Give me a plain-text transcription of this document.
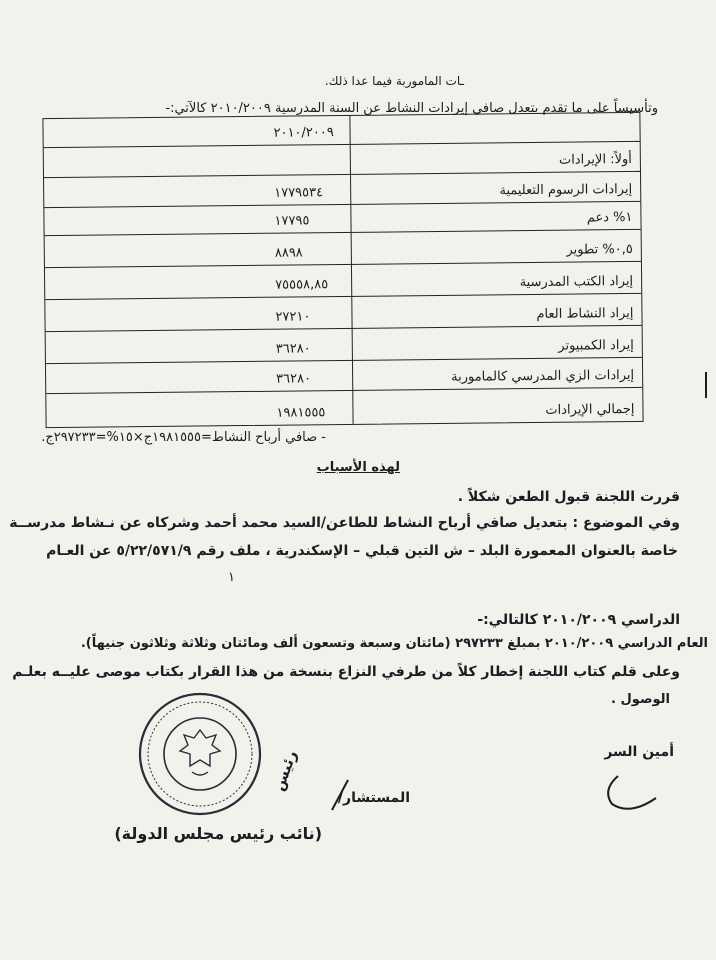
ـات الماموربة فيما عدا ذلك.
وتأسيساً على ما تقدم بتعدل صافي إيرادات النشاط عن السنة المدرسية ٢٠١٠/٢٠٠٩ كالآتي:-
٢٠١٠/٢٠٠٩
أولاً: الإيرادات
إيرادات الرسوم التعليمية
١٧٧٩٥٣٤
١% دعم
١٧٧٩٥
٠,٥% تطوير
٨٨٩٨
إيراد الكتب المدرسية
٧٥٥٥٨,٨٥
إيراد النشاط العام
٢٧٢١٠
إيراد الكمبيوتر
٣٦٢٨٠
إيرادات الزي المدرسي كالماموربة
٣٦٢٨٠
إجمالي الإيرادات
١٩٨١٥٥٥
- صافي أرباح النشاط=١٩٨١٥٥٥ج×١٥%=٢٩٧٢٣٣ج.
لهذه الأسباب
قررت اللجنة قبول الطعن شكلاً .
وفي الموضوع : بتعديل صافي أرباح النشاط للطاعن/السيد محمد أحمد وشركاه عن نـشاط مدرســة
خاصة بالعنوان المعمورة البلد – ش التين قبلي – الإسكندرية ، ملف رقم ٥/٢٢/٥٧١/٩ عن العـام
١
الدراسي ٢٠١٠/٢٠٠٩ كالتالي:-
العام الدراسي ٢٠١٠/٢٠٠٩ بمبلغ ٢٩٧٢٣٣ (مائتان وسبعة وتسعون ألف ومائتان وثلاثة وثلاثون جنيهاً).
وعلى قلم كتاب اللجنة إخطار كلاً من طرفي النزاع بنسخة من هذا القرار بكتاب موصى عليــه بعلـم
الوصول .
أمين السر
المستشار/
رئيس
(نائب رئيس مجلس الدولة)
